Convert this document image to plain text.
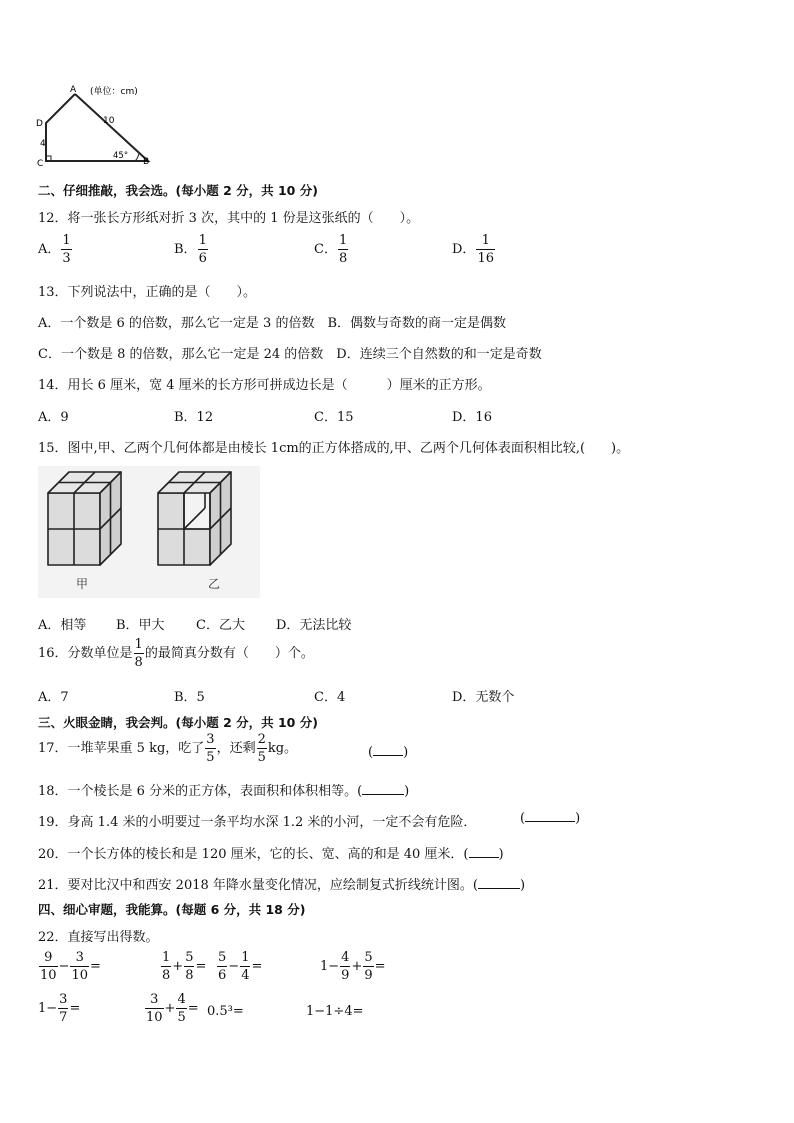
A (单位：cm)
D
4
10
C
45°
B
二、仔细推敲，我会选。(每小题 2 分，共 10 分)
12．将一张长方形纸对折 3 次，其中的 1 份是这张纸的（　　）。
A． $\frac{1}{3}$	B． $\frac{1}{6}$	C． $\frac{1}{8}$	D． $\frac{1}{16}$
13．下列说法中，正确的是（　　）。
A．一个数是 6 的倍数，那么它一定是 3 的倍数　B．偶数与奇数的商一定是偶数
C．一个数是 8 的倍数，那么它一定是 24 的倍数　D．连续三个自然数的和一定是奇数
14．用长 6 厘米，宽 4 厘米的长方形可拼成边长是（　　　）厘米的正方形。
A．9	B．12	C．15	D．16
15．图中,甲、乙两个几何体都是由棱长 1cm的正方体搭成的,甲、乙两个几何体表面积相比较,(　　)。
甲	乙
A．相等 B．甲大 C．乙大 D．无法比较
16．分数单位是 $\frac{1}{8}$ 的最简真分数有（　　）个。
A．7	B．5	C．4	D．无数个
三、火眼金睛，我会判。(每小题 2 分，共 10 分)
17．一堆苹果重 5 kg，吃了 $\frac{3}{5}$ ，还剩 $\frac{2}{5}$ kg。	( )
18．一个棱长是 6 分米的正方体，表面积和体积相等。(	)
19．身高 1.4 米的小明要过一条平均水深 1.2 米的小河，一定不会有危险．	(	)
20．一个长方体的棱长和是 120 厘米，它的长、宽、高的和是 40 厘米．( )
21．要对比汉中和西安 2018 年降水量变化情况，应绘制复式折线统计图。(	)
四、细心审题，我能算。(每题 6 分，共 18 分)
22．直接写出得数。
$\frac{9}{10} - \frac{3}{10}$ =	$\frac{1}{8} + \frac{5}{8} = \frac{5}{6} - \frac{1}{4}$ =	$1- \frac{4}{9} + \frac{5}{9}$ =
$1- \frac{3}{7}$ =	$\frac{3}{10} + \frac{4}{5} = 0.5^3=$	1−1÷4=
